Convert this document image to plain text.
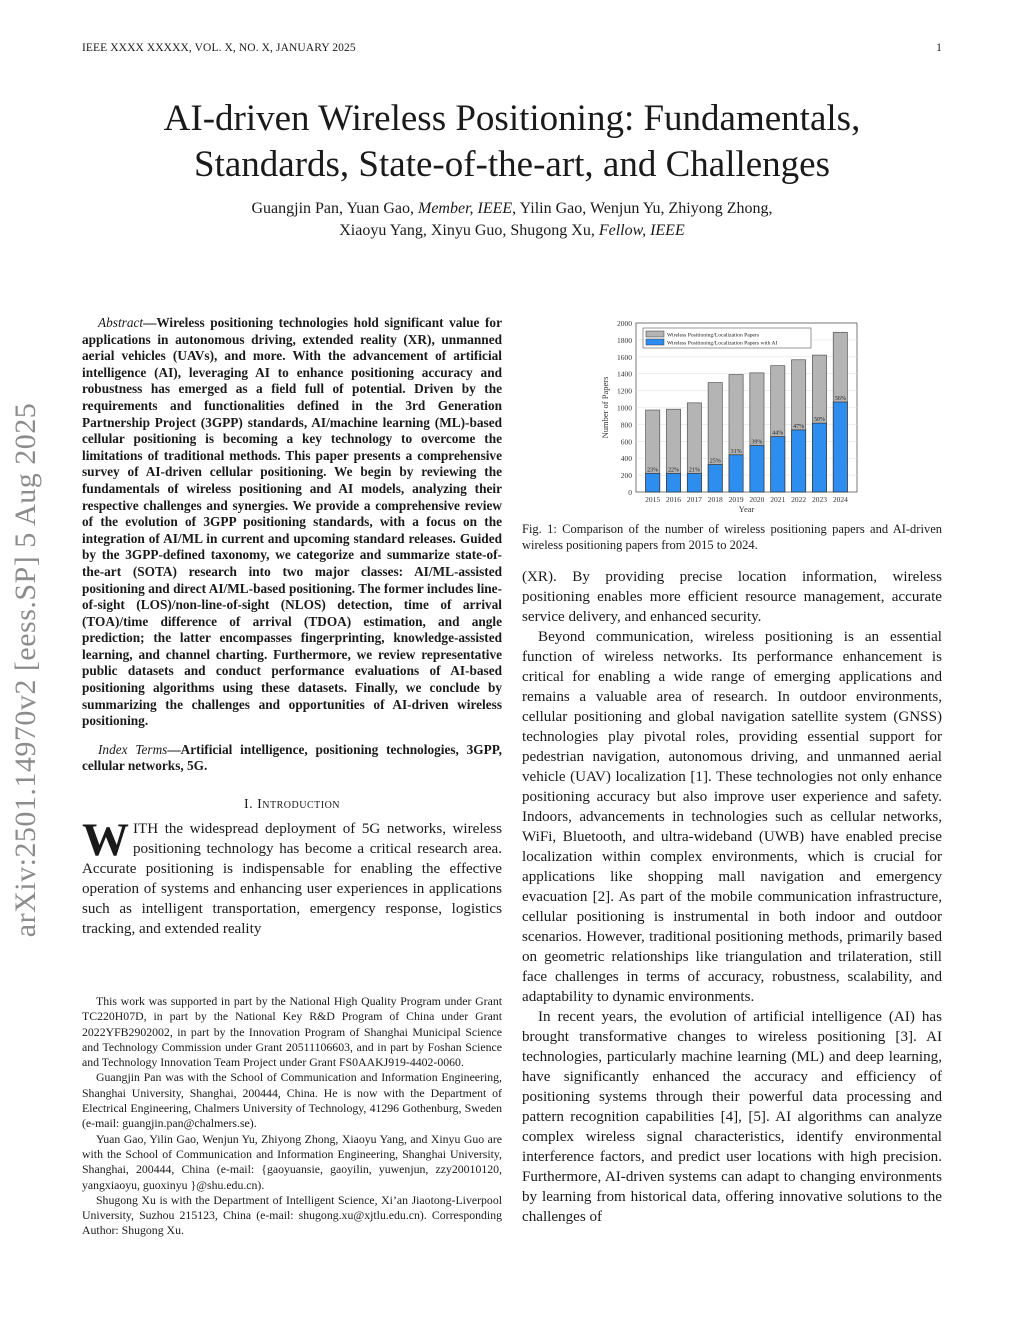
IEEE XXXX XXXXX, VOL. X, NO. X, JANUARY 2025	1
arXiv:2501.14970v2 [eess.SP] 5 Aug 2025
AI-driven Wireless Positioning: Fundamentals,
Standards, State-of-the-art, and Challenges
Guangjin Pan, Yuan Gao, Member, IEEE, Yilin Gao, Wenjun Yu, Zhiyong Zhong,
Xiaoyu Yang, Xinyu Guo, Shugong Xu, Fellow, IEEE

Abstract—Wireless positioning technologies hold significant value for applications in autonomous driving, extended reality (XR), unmanned aerial vehicles (UAVs), and more. With the advancement of artificial intelligence (AI), leveraging AI to enhance positioning accuracy and robustness has emerged as a field full of potential. Driven by the requirements and functionalities defined in the 3rd Generation Partnership Project (3GPP) standards, AI/machine learning (ML)-based cellular positioning is becoming a key technology to overcome the limitations of traditional methods. This paper presents a comprehensive survey of AI-driven cellular positioning. We begin by reviewing the fundamentals of wireless positioning and AI models, analyzing their respective challenges and synergies. We provide a comprehensive review of the evolution of 3GPP positioning standards, with a focus on the integration of AI/ML in current and upcoming standard releases. Guided by the 3GPP-defined taxonomy, we categorize and summarize state-of-the-art (SOTA) research into two major classes: AI/ML-assisted positioning and direct AI/ML-based positioning. The former includes line-of-sight (LOS)/non-line-of-sight (NLOS) detection, time of arrival (TOA)/time difference of arrival (TDOA) estimation, and angle prediction; the latter encompasses fingerprinting, knowledge-assisted learning, and channel charting. Furthermore, we review representative public datasets and conduct performance evaluations of AI-based positioning algorithms using these datasets. Finally, we conclude by summarizing the challenges and opportunities of AI-driven wireless positioning.

Index Terms—Artificial intelligence, positioning technologies, 3GPP, cellular networks, 5G.

I. Introduction

WITH the widespread deployment of 5G networks, wireless positioning technology has become a critical research area. Accurate positioning is indispensable for enabling the effective operation of systems and enhancing user experiences in applications such as intelligent transportation, emergency response, logistics tracking, and extended reality

This work was supported in part by the National High Quality Program under Grant TC220H07D, in part by the National Key R&D Program of China under Grant 2022YFB2902002, in part by the Innovation Program of Shanghai Municipal Science and Technology Commission under Grant 20511106603, and in part by Foshan Science and Technology Innovation Team Project under Grant FS0AAKJ919-4402-0060.

Guangjin Pan was with the School of Communication and Information Engineering, Shanghai University, Shanghai, 200444, China. He is now with the Department of Electrical Engineering, Chalmers University of Technology, 41296 Gothenburg, Sweden (e-mail: guangjin.pan@chalmers.se).

Yuan Gao, Yilin Gao, Wenjun Yu, Zhiyong Zhong, Xiaoyu Yang, and Xinyu Guo are with the School of Communication and Information Engineering, Shanghai University, Shanghai, 200444, China (e-mail: {gaoyuansie, gaoyilin, yuwenjun, zzy20010120, yangxiaoyu, guoxinyu }@shu.edu.cn).

Shugong Xu is with the Department of Intelligent Science, Xi’an Jiaotong-Liverpool University, Suzhou 215123, China (e-mail: shugong.xu@xjtlu.edu.cn). Corresponding Author: Shugong Xu.

0
200
400
600
800
1000
1200
1400
1600
1800
2000
23%
2015
22%
2016
21%
2017
25%
2018
31%
2019
39%
2020
44%
2021
47%
2022
50%
2023
56%
2024
Year
Number of Papers
Wireless Positioning/Localization Papers
Wireless Positioning/Localization Papers with AI

Fig. 1: Comparison of the number of wireless positioning papers and AI-driven wireless positioning papers from 2015 to 2024.

(XR). By providing precise location information, wireless positioning enables more efficient resource management, accurate service delivery, and enhanced security.

Beyond communication, wireless positioning is an essential function of wireless networks. Its performance enhancement is critical for enabling a wide range of emerging applications and remains a valuable area of research. In outdoor environments, cellular positioning and global navigation satellite system (GNSS) technologies play pivotal roles, providing essential support for pedestrian navigation, autonomous driving, and unmanned aerial vehicle (UAV) localization [1]. These technologies not only enhance positioning accuracy but also improve user experience and safety. Indoors, advancements in technologies such as cellular networks, WiFi, Bluetooth, and ultra-wideband (UWB) have enabled precise localization within complex environments, which is crucial for applications like shopping mall navigation and emergency evacuation [2]. As part of the mobile communication infrastructure, cellular positioning is instrumental in both indoor and outdoor scenarios. However, traditional positioning methods, primarily based on geometric relationships like triangulation and trilateration, still face challenges in terms of accuracy, robustness, scalability, and adaptability to dynamic environments.

In recent years, the evolution of artificial intelligence (AI) has brought transformative changes to wireless positioning [3]. AI technologies, particularly machine learning (ML) and deep learning, have significantly enhanced the accuracy and efficiency of positioning systems through their powerful data processing and pattern recognition capabilities [4], [5]. AI algorithms can analyze complex wireless signal characteristics, identify environmental interference factors, and predict user locations with high precision. Furthermore, AI-driven systems can adapt to changing environments by learning from historical data, offering innovative solutions to the challenges of
